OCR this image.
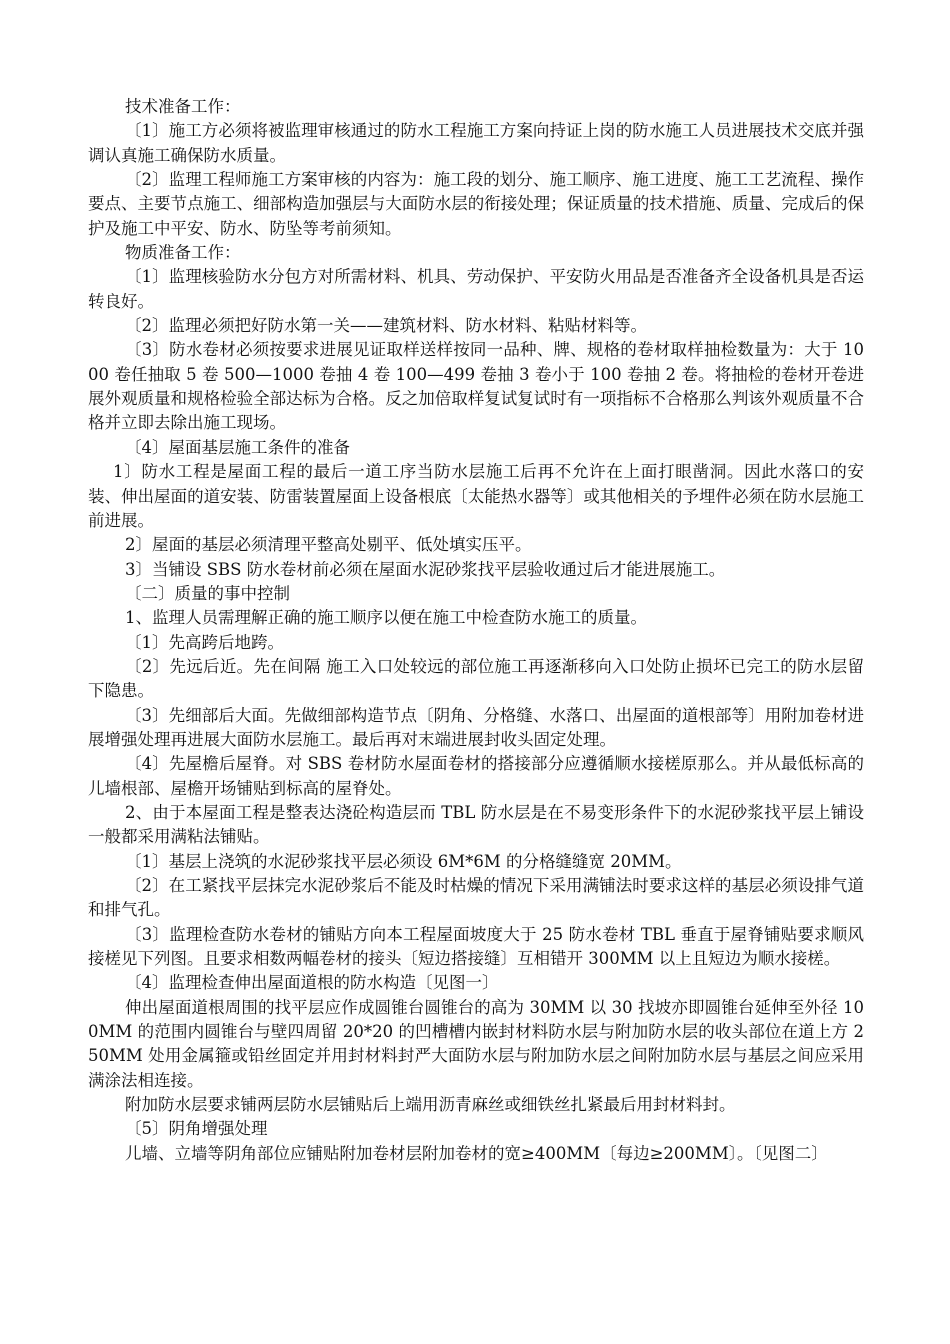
技术准备工作：

〔1〕施工方必须将被监理审核通过的防水工程施工方案向持证上岗的防水施工人员进展技术交底并强调认真施工确保防水质量。

〔2〕监理工程师施工方案审核的内容为：施工段的划分、施工顺序、施工进度、施工工艺流程、操作要点、主要节点施工、细部构造加强层与大面防水层的衔接处理；保证质量的技术措施、质量、完成后的保护及施工中平安、防水、防坠等考前须知。

物质准备工作：

〔1〕监理核验防水分包方对所需材料、机具、劳动保护、平安防火用品是否准备齐全设备机具是否运转良好。

〔2〕监理必须把好防水第一关——建筑材料、防水材料、粘贴材料等。

〔3〕防水卷材必须按要求进展见证取样送样按同一品种、牌、规格的卷材取样抽检数量为：大于 1000 卷任抽取 5 卷 500—1000 卷抽 4 卷 100—499 卷抽 3 卷小于 100 卷抽 2 卷。将抽检的卷材开卷进展外观质量和规格检验全部达标为合格。反之加倍取样复试复试时有一项指标不合格那么判该外观质量不合格并立即去除出施工现场。

〔4〕屋面基层施工条件的准备

1〕防水工程是屋面工程的最后一道工序当防水层施工后再不允许在上面打眼凿洞。因此水落口的安装、伸出屋面的道安装、防雷装置屋面上设备根底〔太能热水器等〕或其他相关的予埋件必须在防水层施工前进展。

2〕屋面的基层必须清理平整高处剔平、低处填实压平。

3〕当铺设 SBS 防水卷材前必须在屋面水泥砂浆找平层验收通过后才能进展施工。

〔二〕质量的事中控制

1、监理人员需理解正确的施工顺序以便在施工中检查防水施工的质量。

〔1〕先高跨后地跨。

〔2〕先远后近。先在间隔 施工入口处较远的部位施工再逐渐移向入口处防止损坏已完工的防水层留下隐患。

〔3〕先细部后大面。先做细部构造节点〔阴角、分格缝、水落口、出屋面的道根部等〕用附加卷材进展增强处理再进展大面防水层施工。最后再对末端进展封收头固定处理。

〔4〕先屋檐后屋脊。对 SBS 卷材防水屋面卷材的搭接部分应遵循顺水接槎原那么。并从最低标高的儿墙根部、屋檐开场铺贴到标高的屋脊处。

2、由于本屋面工程是整表达浇砼构造层而 TBL 防水层是在不易变形条件下的水泥砂浆找平层上铺设一般都采用满粘法铺贴。

〔1〕基层上浇筑的水泥砂浆找平层必须设 6M*6M 的分格缝缝宽 20MM。

〔2〕在工紧找平层抹完水泥砂浆后不能及时枯燥的情况下采用满铺法时要求这样的基层必须设排气道和排气孔。

〔3〕监理检查防水卷材的铺贴方向本工程屋面坡度大于 25 防水卷材 TBL 垂直于屋脊铺贴要求顺风接槎见下列图。且要求相数两幅卷材的接头〔短边搭接缝〕互相错开 300MM 以上且短边为顺水接槎。

〔4〕监理检查伸出屋面道根的防水构造〔见图一〕

伸出屋面道根周围的找平层应作成圆锥台圆锥台的高为 30MM 以 30 找坡亦即圆锥台延伸至外径 100MM 的范围内圆锥台与壁四周留 20*20 的凹槽槽内嵌封材料防水层与附加防水层的收头部位在道上方 250MM 处用金属箍或铅丝固定并用封材料封严大面防水层与附加防水层之间附加防水层与基层之间应采用满涂法相连接。

附加防水层要求铺两层防水层铺贴后上端用沥青麻丝或细铁丝扎紧最后用封材料封。

〔5〕阴角增强处理

儿墙、立墙等阴角部位应铺贴附加卷材层附加卷材的宽≥400MM〔每边≥200MM〕。〔见图二〕
